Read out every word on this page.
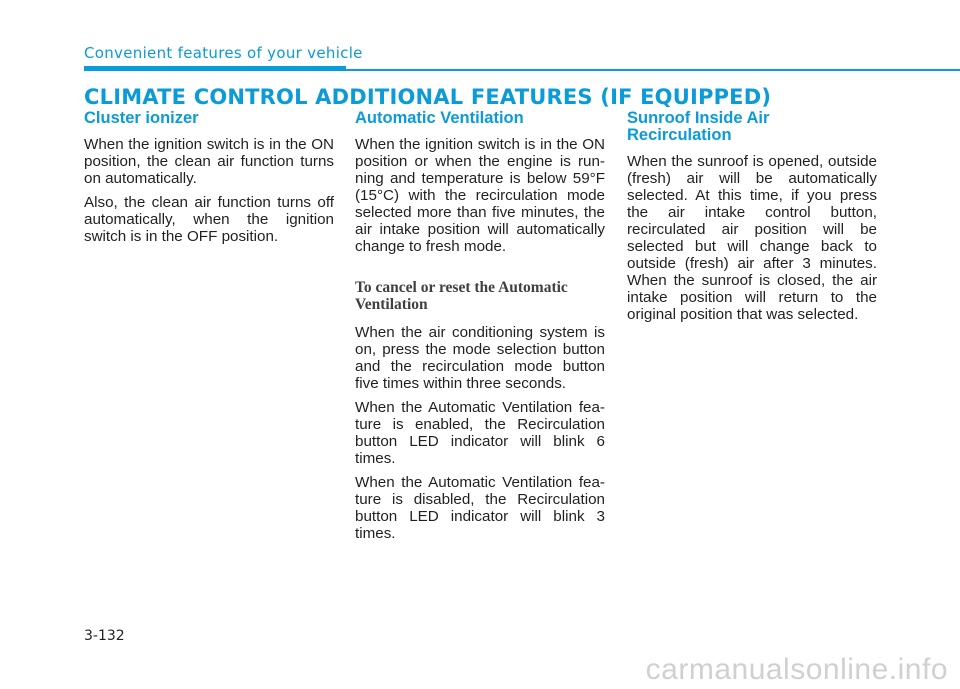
Convenient features of your vehicle
CLIMATE CONTROL ADDITIONAL FEATURES (IF EQUIPPED)
Cluster ionizer

When the ignition switch is in the ON position, the clean air function turns on automatically.

Also, the clean air function turns off automatically, when the ignition switch is in the OFF position.

Automatic Ventilation

When the ignition switch is in the ON position or when the engine is run-ning and temperature is below 59°F (15°C) with the recirculation mode selected more than five minutes, the air intake position will automatically change to fresh mode.

To cancel or reset the Automatic Ventilation

When the air conditioning system is on, press the mode selection button and the recirculation mode button five times within three seconds.

When the Automatic Ventilation fea-ture is enabled, the Recirculation button LED indicator will blink 6 times.

When the Automatic Ventilation fea-ture is disabled, the Recirculation button LED indicator will blink 3 times.

Sunroof Inside Air Recirculation

When the sunroof is opened, outside (fresh) air will be automatically selected. At this time, if you press the air intake control button, recirculated air position will be selected but will change back to outside (fresh) air after 3 minutes. When the sunroof is closed, the air intake position will return to the original position that was selected.

3-132
carmanualsonline.info
